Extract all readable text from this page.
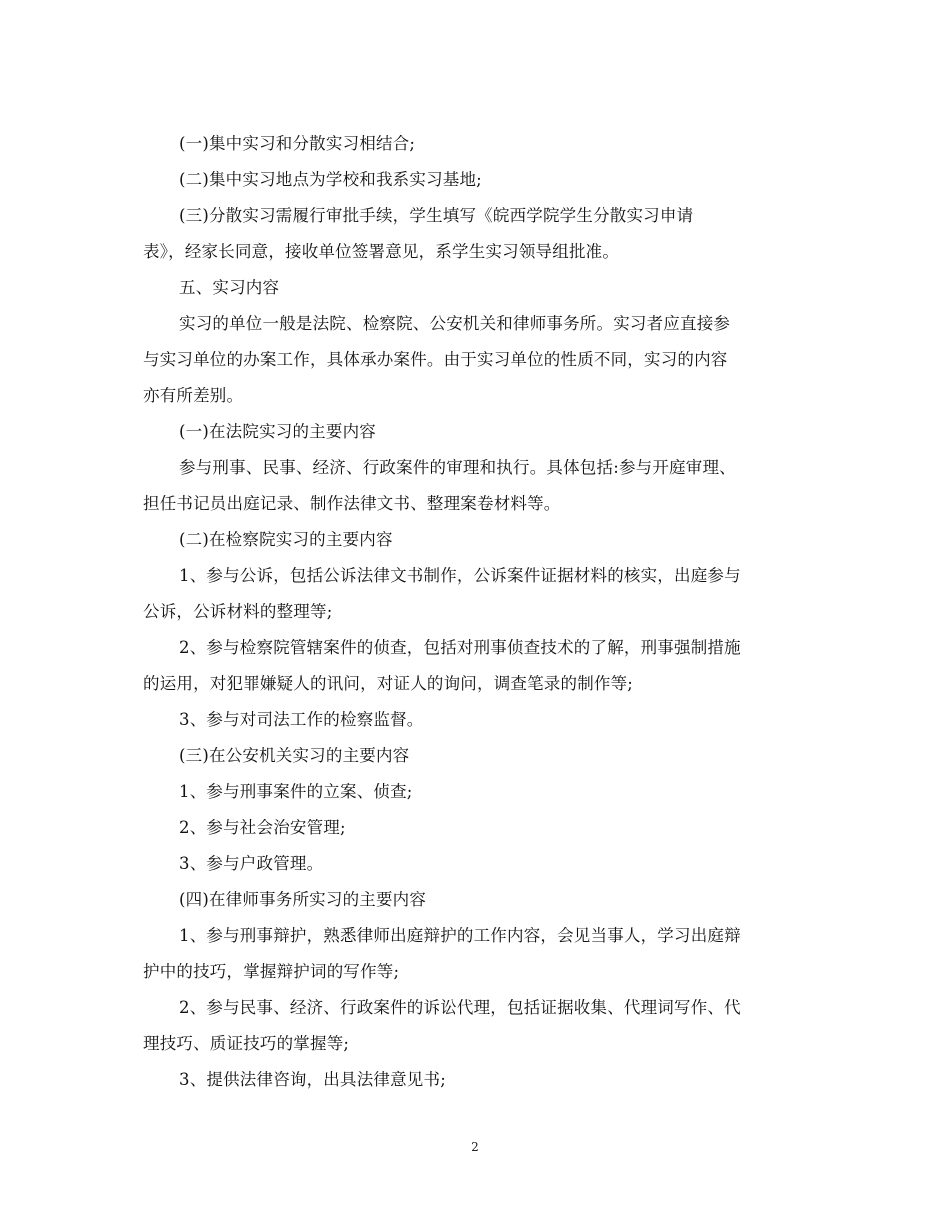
(一)集中实习和分散实习相结合;

(二)集中实习地点为学校和我系实习基地;

(三)分散实习需履行审批手续，学生填写《皖西学院学生分散实习申请
表》，经家长同意，接收单位签署意见，系学生实习领导组批准。

五、实习内容

实习的单位一般是法院、检察院、公安机关和律师事务所。实习者应直接参
与实习单位的办案工作，具体承办案件。由于实习单位的性质不同，实习的内容
亦有所差别。

(一)在法院实习的主要内容

参与刑事、民事、经济、行政案件的审理和执行。具体包括:参与开庭审理、
担任书记员出庭记录、制作法律文书、整理案卷材料等。

(二)在检察院实习的主要内容

1、参与公诉，包括公诉法律文书制作，公诉案件证据材料的核实，出庭参与
公诉，公诉材料的整理等;

2、参与检察院管辖案件的侦查，包括对刑事侦查技术的了解，刑事强制措施
的运用，对犯罪嫌疑人的讯问，对证人的询问，调查笔录的制作等;

3、参与对司法工作的检察监督。

(三)在公安机关实习的主要内容

1、参与刑事案件的立案、侦查;

2、参与社会治安管理;

3、参与户政管理。

(四)在律师事务所实习的主要内容

1、参与刑事辩护，熟悉律师出庭辩护的工作内容，会见当事人，学习出庭辩
护中的技巧，掌握辩护词的写作等;

2、参与民事、经济、行政案件的诉讼代理，包括证据收集、代理词写作、代
理技巧、质证技巧的掌握等;

3、提供法律咨询，出具法律意见书;

2
